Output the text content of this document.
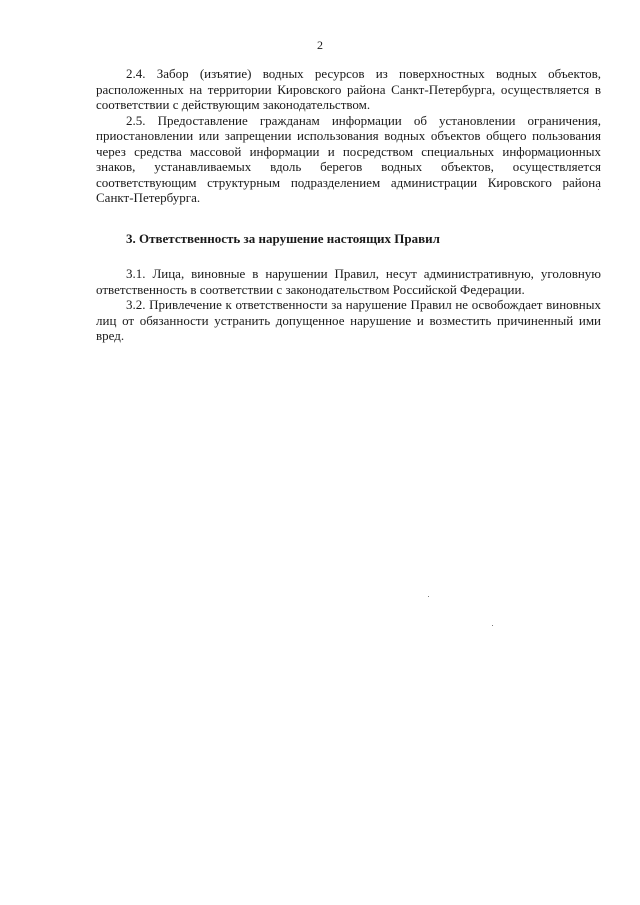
2

2.4. Забор (изъятие) водных ресурсов из поверхностных водных объектов, расположенных на территории Кировского района Санкт-Петербурга, осуществляется в соответствии с действующим законодательством.

2.5. Предоставление гражданам информации об установлении ограничения, приостановлении или запрещении использования водных объектов общего пользования через средства массовой информации и посредством специальных информационных знаков, устанавливаемых вдоль берегов водных объектов, осуществляется соответствующим структурным подразделением администрации Кировского района Санкт-Петербурга.

3. Ответственность за нарушение настоящих Правил

3.1. Лица, виновные в нарушении Правил, несут административную, уголовную ответственность в соответствии с законодательством Российской Федерации.

3.2. Привлечение к ответственности за нарушение Правил не освобождает виновных лиц от обязанности устранить допущенное нарушение и возместить причиненный ими вред.
